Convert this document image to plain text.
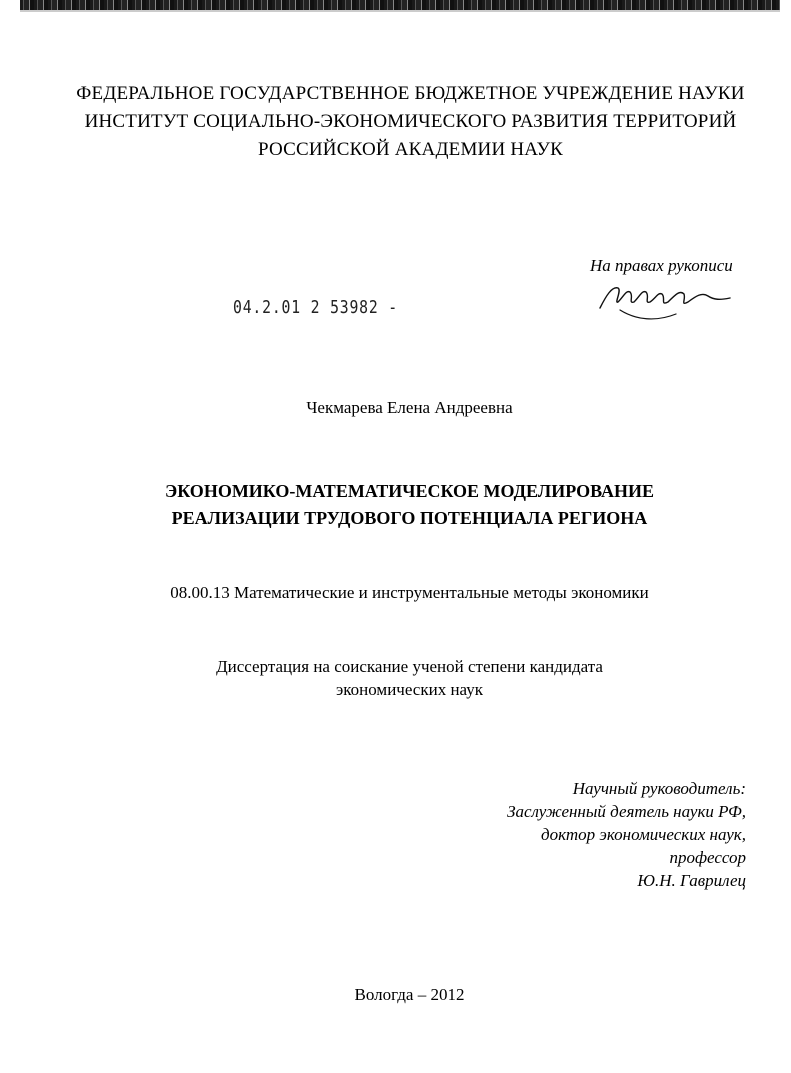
ФЕДЕРАЛЬНОЕ ГОСУДАРСТВЕННОЕ БЮДЖЕТНОЕ УЧРЕЖДЕНИЕ НАУКИ
ИНСТИТУТ СОЦИАЛЬНО-ЭКОНОМИЧЕСКОГО РАЗВИТИЯ ТЕРРИТОРИЙ
РОССИЙСКОЙ АКАДЕМИИ НАУК
На правах рукописи
04.2.01 2 53982 -
Чекмарева Елена Андреевна
ЭКОНОМИКО-МАТЕМАТИЧЕСКОЕ МОДЕЛИРОВАНИЕ
РЕАЛИЗАЦИИ ТРУДОВОГО ПОТЕНЦИАЛА РЕГИОНА
08.00.13 Математические и инструментальные методы экономики
Диссертация на соискание ученой степени кандидата
экономических наук
Научный руководитель:
Заслуженный деятель науки РФ,
доктор экономических наук,
профессор
Ю.Н. Гаврилец
Вологда – 2012
